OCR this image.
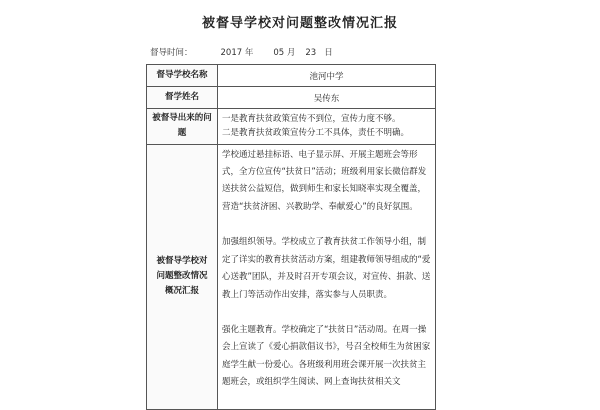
被督导学校对问题整改情况汇报
督导时间：	2017 年 05 月 23 日
督导学校名称	池河中学
督学姓名	吴传东
被督导出来的问题	一是教育扶贫政策宣传不到位，宣传力度不够。
二是教育扶贫政策宣传分工不具体，责任不明确。

被督导学校对问题整改情况概况汇报	学校通过悬挂标语、电子显示屏、开展主题班会等形式，全方位宣传“扶贫日”活动；班级利用家长微信群发送扶贫公益短信，做到师生和家长知晓率实现全覆盖，营造“扶贫济困、兴教助学、奉献爱心”的良好氛围。

加强组织领导。学校成立了教育扶贫工作领导小组，制定了详实的教育扶贫活动方案，组建教师领导组成的“爱心送教”团队，并及时召开专项会议，对宣传、捐款、送教上门等活动作出安排，落实参与人员职责。

强化主题教育。学校确定了“扶贫日”活动周。在周一操会上宣读了《爱心捐款倡议书》，号召全校师生为贫困家庭学生献一份爱心。各班级利用班会课开展一次扶贫主题班会，或组织学生阅读、网上查询扶贫相关文
